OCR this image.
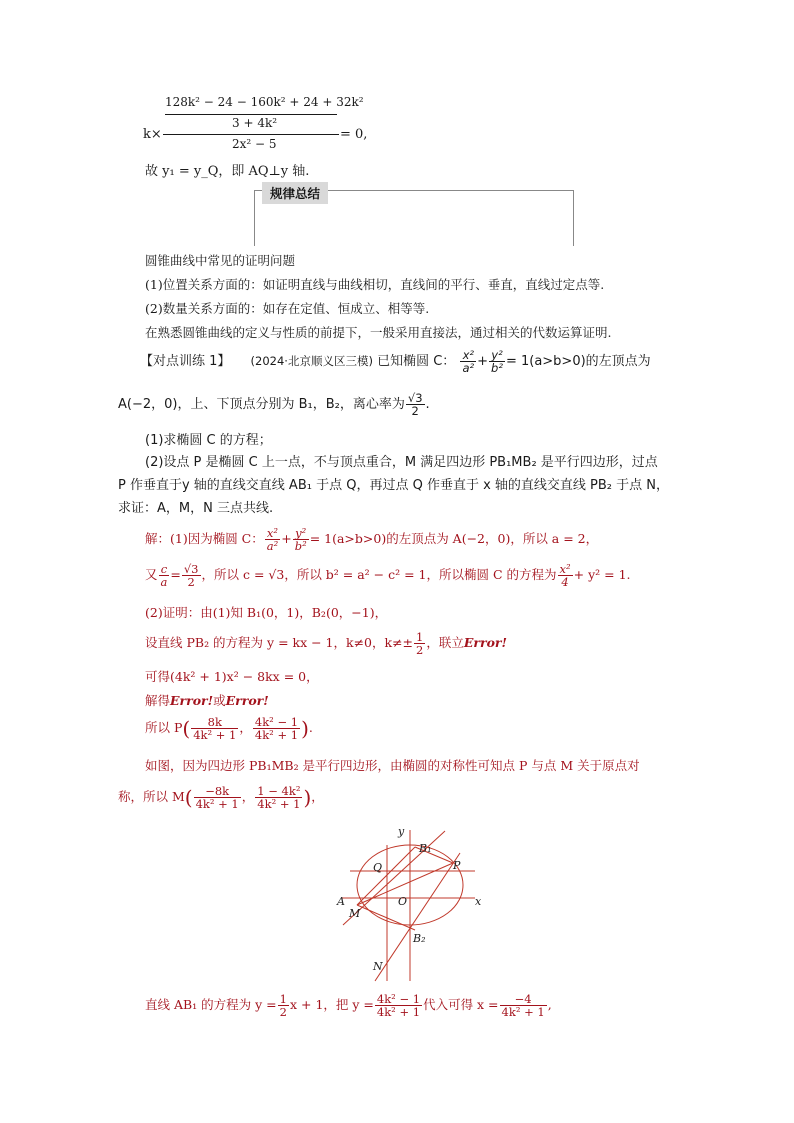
128k² − 24 − 160k² + 24 + 32k²
3 + 4k²
k×	= 0,
2x² − 5
故 y₁ = y_Q，即 AQ⊥y 轴.
规律总结
圆锥曲线中常见的证明问题
(1)位置关系方面的：如证明直线与曲线相切，直线间的平行、垂直，直线过定点等.
(2)数量关系方面的：如存在定值、恒成立、相等等.
在熟悉圆锥曲线的定义与性质的前提下，一般采用直接法，通过相关的代数运算证明.
【对点训练 1】 (2024·北京顺义区三模) 已知椭圆 C： $\frac{\text{x²}}{\text{a²}} + \frac{\text{y²}}{\text{b²}} = 1(a>b>0)$的左顶点为
A(−2，0)，上、下顶点分别为 B₁，B₂，离心率为 $\frac{√3}{2}$ .
(1)求椭圆 C 的方程；
(2)设点 P 是椭圆 C 上一点，不与顶点重合，M 满足四边形 PB₁MB₂ 是平行四边形，过点
P 作垂直于y 轴的直线交直线 AB₁ 于点 Q，再过点 Q 作垂直于 x 轴的直线交直线 PB₂ 于点 N，
求证：A，M，N 三点共线.
解：(1)因为椭圆 C： $\frac{\text{x²}}{\text{a²}} + \frac{\text{y²}}{\text{b²}} = 1(a>b>0)$的左顶点为 A(−2，0)，所以 a = 2，
又 $\frac{c}{a} = \frac{√3}{2}$ ，所以 c = √3，所以 b² = a² − c² = 1，所以椭圆 C 的方程为 $\frac{\text{x²}}{4} + y^2 = 1$.
(2)证明：由(1)知 B₁(0，1)，B₂(0，−1)，
设直线 PB₂ 的方程为 y = kx − 1，k≠0，$k\ne\pm \frac{1}{2}$ ，联立Error!
可得(4k² + 1)x² − 8kx = 0，
解得Error!或Error!
所以 $P( \frac{8k}{\text{4k² + 1}}$ ， $\frac{\text{4k² − 1}}{\text{4k² + 1}}$ ).
如图，因为四边形 PB₁MB₂ 是平行四边形，由椭圆的对称性可知点 P 与点 M 关于原点对
称，所以 $M( \frac{-8k}{\text{4k² + 1}}$ ， $\frac{\text{1 − 4k²}}{\text{4k² + 1}}$ )，
y
x
B₁
P
Q
A
M
O
B₂
N
直线 AB₁ 的方程为 $y = \frac{1}{2}$ x + 1，把 $y = \frac{\text{4k² − 1}}{\text{4k² + 1}}$ 代入可得 $x = \frac{-4}{\text{4k² + 1}}$ ,
